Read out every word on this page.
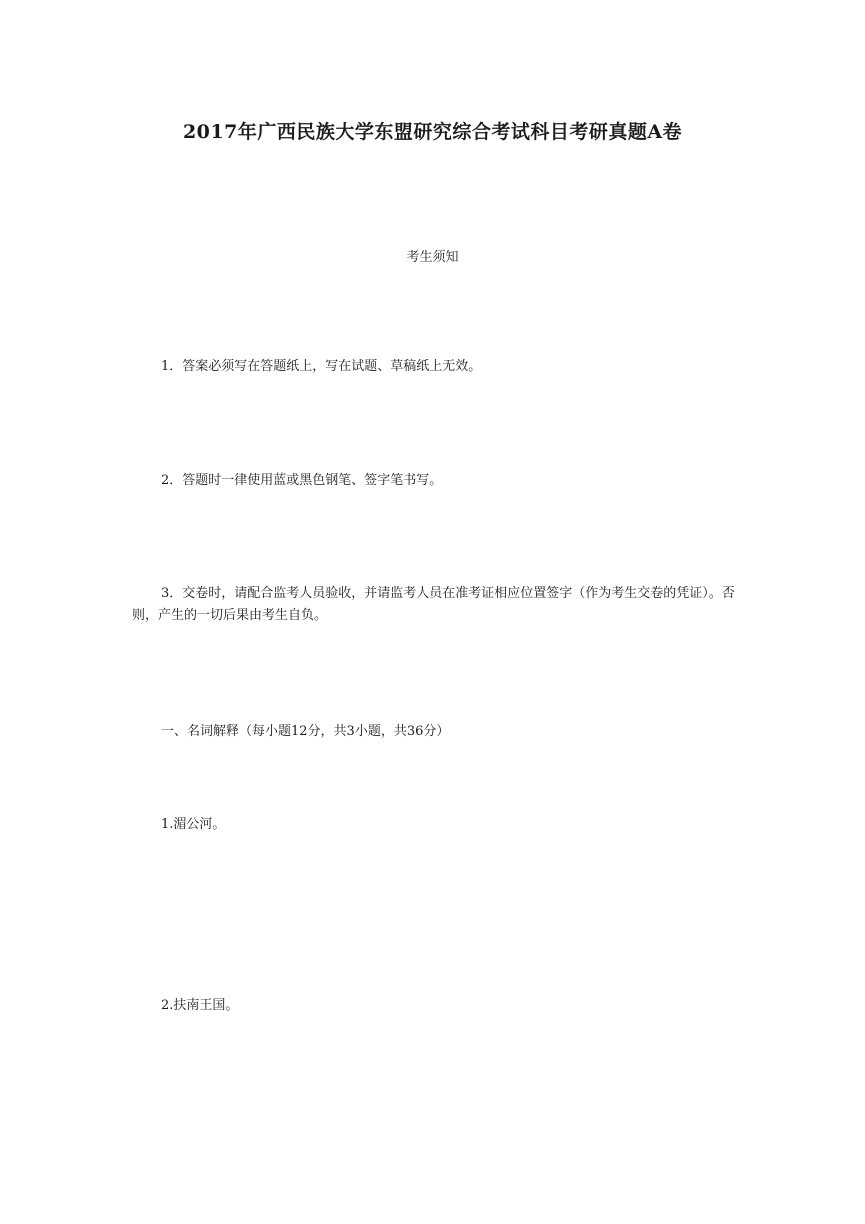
2017年广西民族大学东盟研究综合考试科目考研真题A卷
考生须知
1．答案必须写在答题纸上，写在试题、草稿纸上无效。
2．答题时一律使用蓝或黑色钢笔、签字笔书写。
3．交卷时，请配合监考人员验收，并请监考人员在准考证相应位置签字（作为考生交卷的凭证）。否则，产生的一切后果由考生自负。
一、名词解释（每小题12分，共3小题，共36分）
1.湄公河。
2.扶南王国。
